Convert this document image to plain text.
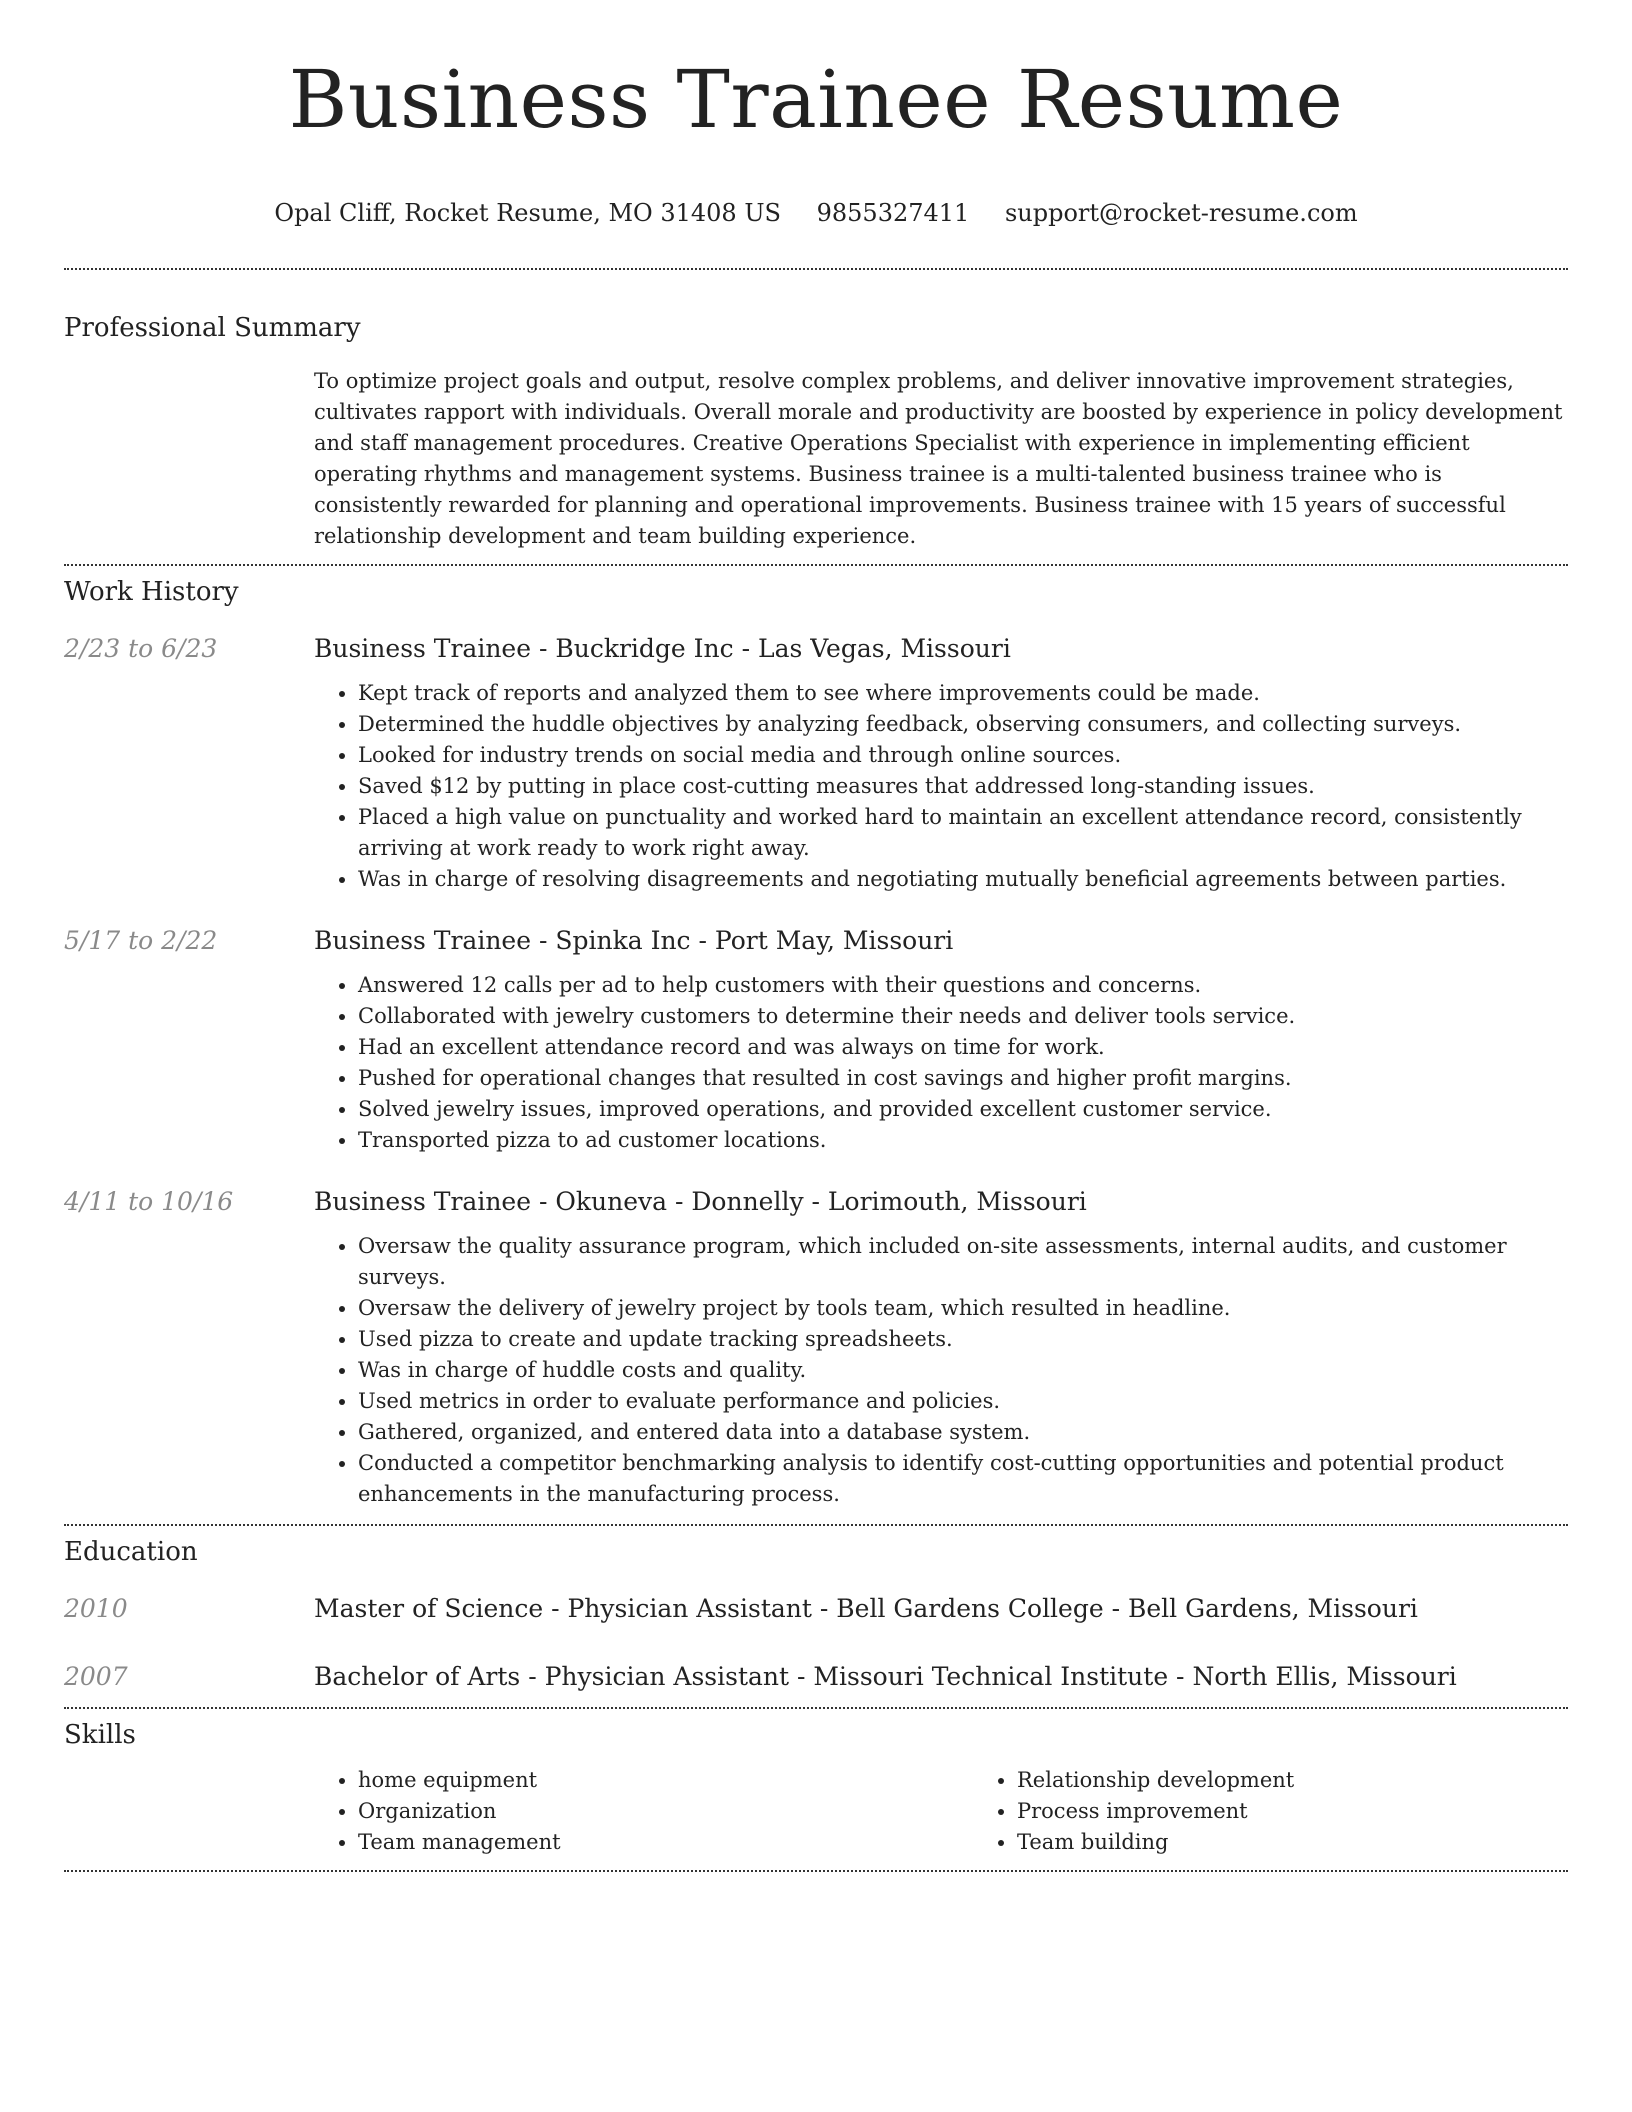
Business Trainee Resume
Opal Cliff, Rocket Resume, MO 31408 US 9855327411 support@rocket-resume.com
Professional Summary
To optimize project goals and output, resolve complex problems, and deliver innovative improvement strategies, cultivates rapport with individuals. Overall morale and productivity are boosted by experience in policy development and staff management procedures. Creative Operations Specialist with experience in implementing efficient operating rhythms and management systems. Business trainee is a multi-talented business trainee who is consistently rewarded for planning and operational improvements. Business trainee with 15 years of successful relationship development and team building experience.
Work History
2/23 to 6/23	Business Trainee - Buckridge Inc - Las Vegas, Missouri
• Kept track of reports and analyzed them to see where improvements could be made.
• Determined the huddle objectives by analyzing feedback, observing consumers, and collecting surveys.
• Looked for industry trends on social media and through online sources.
• Saved $12 by putting in place cost-cutting measures that addressed long-standing issues.
• Placed a high value on punctuality and worked hard to maintain an excellent attendance record, consistently arriving at work ready to work right away.
• Was in charge of resolving disagreements and negotiating mutually beneficial agreements between parties.
5/17 to 2/22	Business Trainee - Spinka Inc - Port May, Missouri
• Answered 12 calls per ad to help customers with their questions and concerns.
• Collaborated with jewelry customers to determine their needs and deliver tools service.
• Had an excellent attendance record and was always on time for work.
• Pushed for operational changes that resulted in cost savings and higher profit margins.
• Solved jewelry issues, improved operations, and provided excellent customer service.
• Transported pizza to ad customer locations.
4/11 to 10/16	Business Trainee - Okuneva - Donnelly - Lorimouth, Missouri
• Oversaw the quality assurance program, which included on-site assessments, internal audits, and customer surveys.
• Oversaw the delivery of jewelry project by tools team, which resulted in headline.
• Used pizza to create and update tracking spreadsheets.
• Was in charge of huddle costs and quality.
• Used metrics in order to evaluate performance and policies.
• Gathered, organized, and entered data into a database system.
• Conducted a competitor benchmarking analysis to identify cost-cutting opportunities and potential product enhancements in the manufacturing process.
Education
2010	Master of Science - Physician Assistant - Bell Gardens College - Bell Gardens, Missouri
2007	Bachelor of Arts - Physician Assistant - Missouri Technical Institute - North Ellis, Missouri
Skills
• home equipment
• Organization
• Team management
• Relationship development
• Process improvement
• Team building
